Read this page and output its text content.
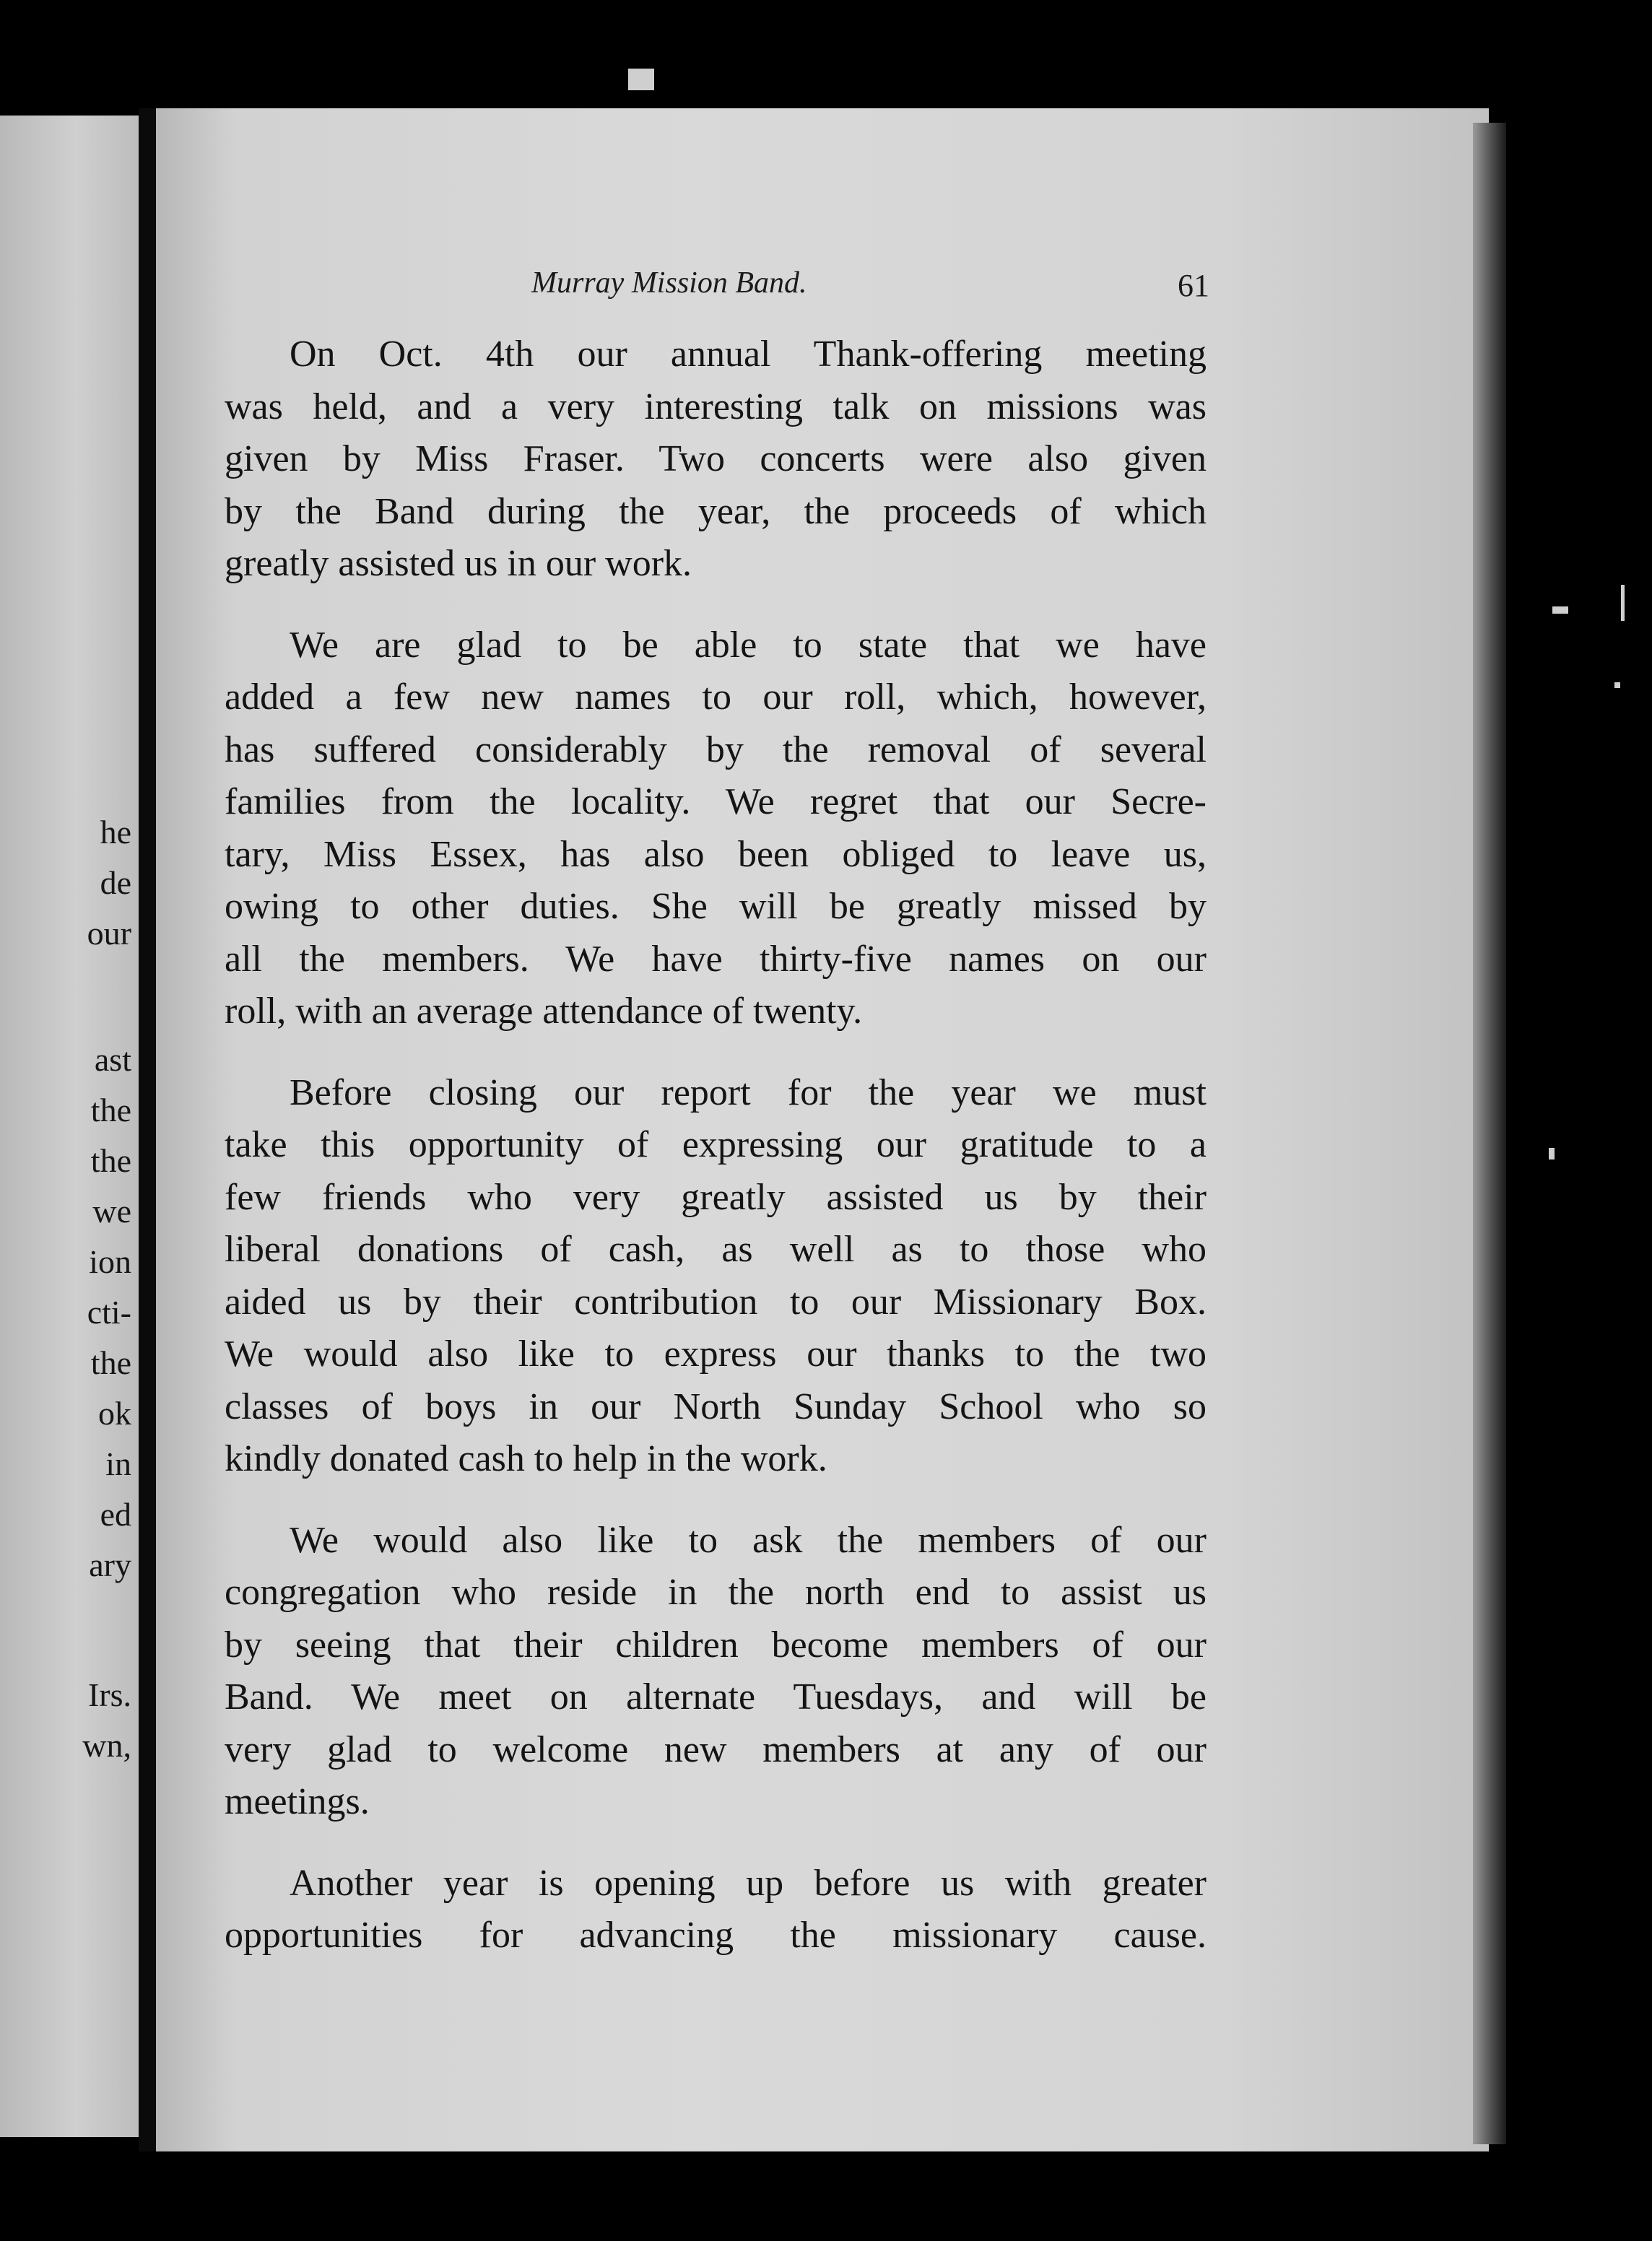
he
de
our
ast
the
the
we
ion
cti-
the
ok
in
ed
ary
Irs.
wn,
Murray Mission Band.	61
On Oct. 4th our annual Thank-offering meeting
was held, and a very interesting talk on missions was
given by Miss Fraser. Two concerts were also given
by the Band during the year, the proceeds of which
greatly assisted us in our work.
We are glad to be able to state that we have
added a few new names to our roll, which, however,
has suffered considerably by the removal of several
families from the locality. We regret that our Secre-
tary, Miss Essex, has also been obliged to leave us,
owing to other duties. She will be greatly missed by
all the members. We have thirty-five names on our
roll, with an average attendance of twenty.
Before closing our report for the year we must
take this opportunity of expressing our gratitude to a
few friends who very greatly assisted us by their
liberal donations of cash, as well as to those who
aided us by their contribution to our Missionary Box.
We would also like to express our thanks to the two
classes of boys in our North Sunday School who so
kindly donated cash to help in the work.
We would also like to ask the members of our
congregation who reside in the north end to assist us
by seeing that their children become members of our
Band. We meet on alternate Tuesdays, and will be
very glad to welcome new members at any of our
meetings.
Another year is opening up before us with greater
opportunities for advancing the missionary cause.
